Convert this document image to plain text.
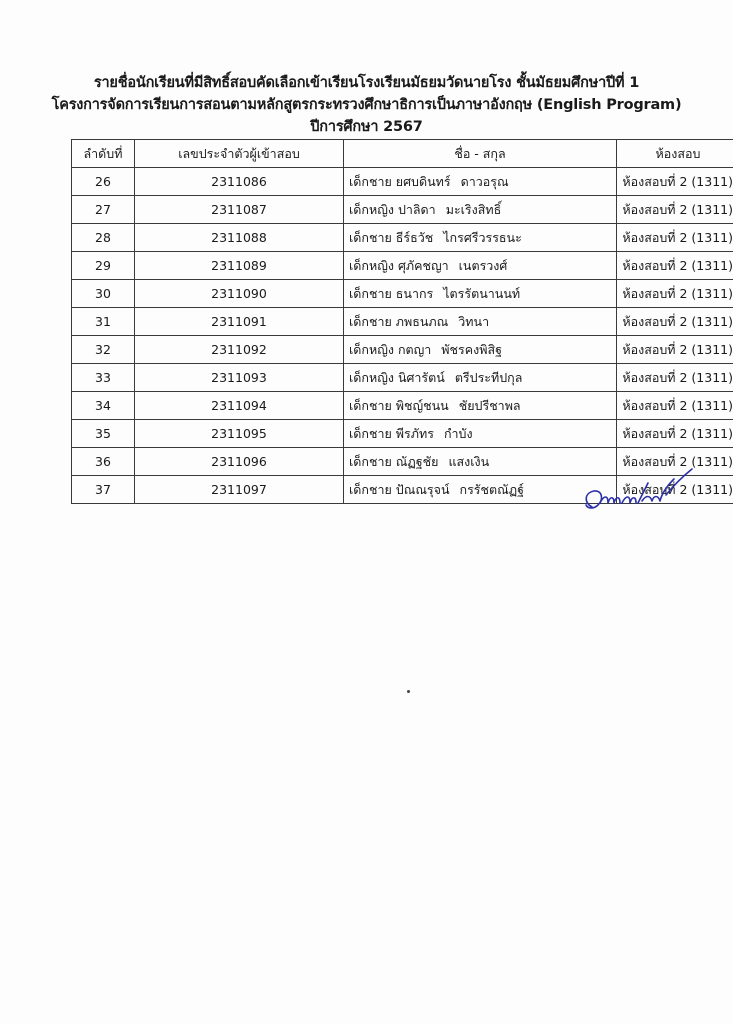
รายชื่อนักเรียนที่มีสิทธิ์สอบคัดเลือกเข้าเรียนโรงเรียนมัธยมวัดนายโรง ชั้นมัธยมศึกษาปีที่ 1
โครงการจัดการเรียนการสอนตามหลักสูตรกระทรวงศึกษาธิการเป็นภาษาอังกฤษ (English Program)
ปีการศึกษา 2567
ลำดับที่	เลขประจำตัวผู้เข้าสอบ	ชื่อ - สกุล	ห้องสอบ
26	2311086	เด็กชาย ยศบดินทร์ ดาวอรุณ	ห้องสอบที่ 2 (1311)
27	2311087	เด็กหญิง ปาลิดา มะเริงสิทธิ์	ห้องสอบที่ 2 (1311)
28	2311088	เด็กชาย ธีร์ธวัช ไกรศรีวรรธนะ	ห้องสอบที่ 2 (1311)
29	2311089	เด็กหญิง ศุภัคชญา เนตรวงศ์	ห้องสอบที่ 2 (1311)
30	2311090	เด็กชาย ธนากร ไตรรัตนานนท์	ห้องสอบที่ 2 (1311)
31	2311091	เด็กชาย ภพธนภณ วิทนา	ห้องสอบที่ 2 (1311)
32	2311092	เด็กหญิง กตญา พัชรคงพิสิฐ	ห้องสอบที่ 2 (1311)
33	2311093	เด็กหญิง นิศารัตน์ ตรีประทีปกุล	ห้องสอบที่ 2 (1311)
34	2311094	เด็กชาย พิชญ์ชนน ชัยปรีชาพล	ห้องสอบที่ 2 (1311)
35	2311095	เด็กชาย พีรภัทร กำบัง	ห้องสอบที่ 2 (1311)
36	2311096	เด็กชาย ณัฏฐชัย แสงเงิน	ห้องสอบที่ 2 (1311)
37	2311097	เด็กชาย ปัณณรุจน์ กรรัชตณัฏฐ์	ห้องสอบที่ 2 (1311)
